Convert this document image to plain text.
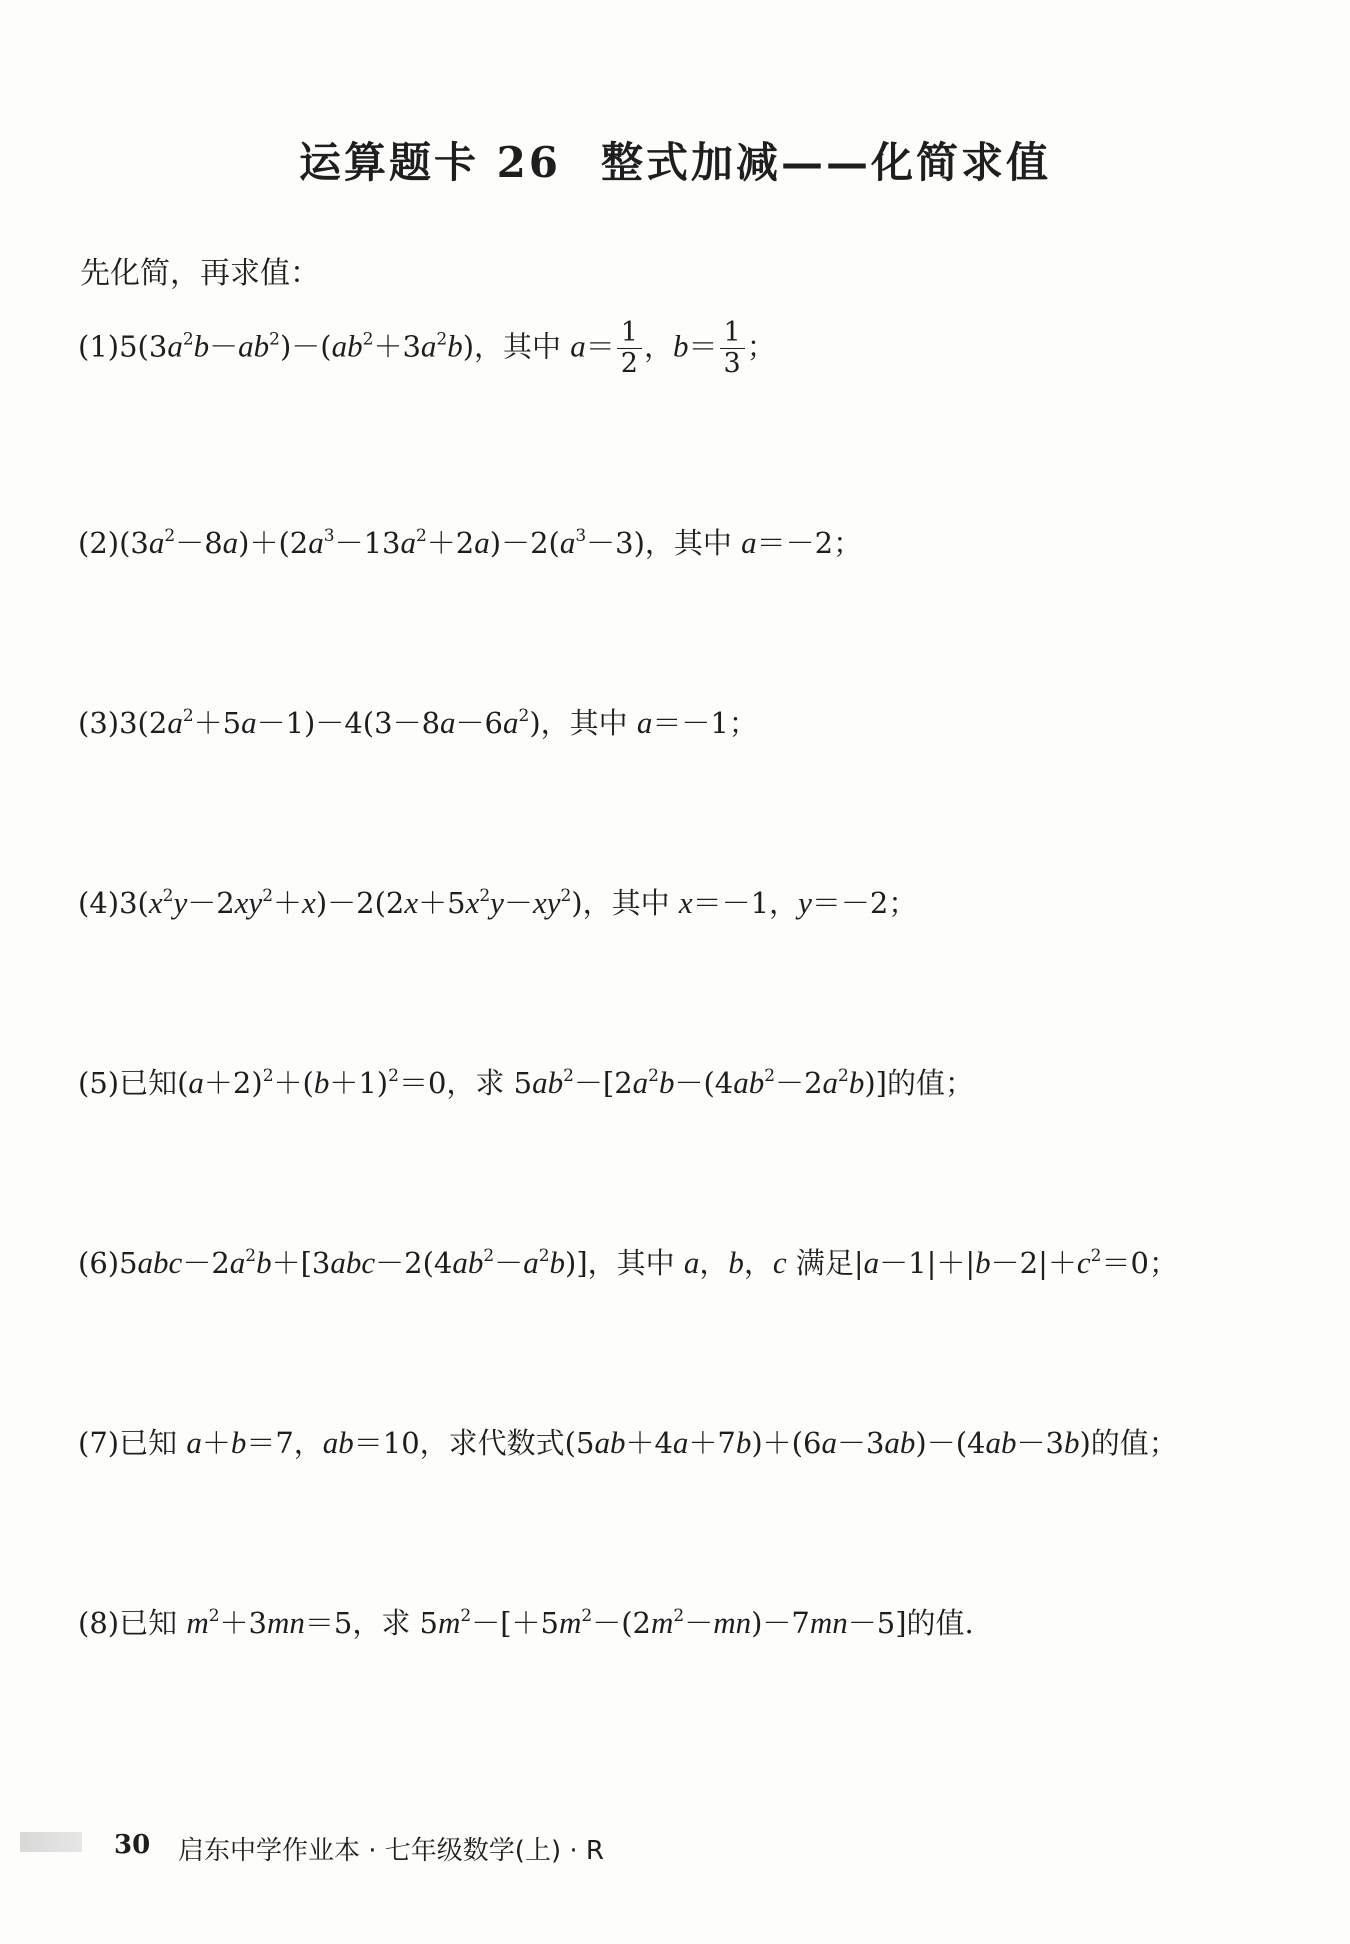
运算题卡 26 整式加减——化简求值
先化简，再求值：
$(1)5(3a^2b-ab^2)-(ab^2+3a^2b)$，其中 $a= \frac{1}{2}$ ，$b= \frac{1}{3}$ ；
$(2)(3a^2-8a)+(2a^3-13a^2+2a)-2(a^3-3)$，其中 a＝－2；
$(3)3(2a^2+5a-1)-4(3-8a-6a^2)$，其中 a＝－1；
$(4)3(x^2y-2xy^2+x)-2(2x+5x^2y-xy^2)$，其中 x＝－1，y＝－2；
(5)已知$(a+2)^2+(b+1)^2=0$，求 $5ab^2-[2a^2b-(4ab^2-2a^2b)]$的值；
$(6)5abc-2a^2b+[3abc-2(4ab^2-a^2b)]$，其中 a，b，c 满足$|a-1|+|b-2|+c^2=0$；
(7)已知 a＋b＝7，ab＝10，求代数式(5ab＋4a＋7b)＋(6a－3ab)－(4ab－3b)的值；
(8)已知 $m^2+3mn=5$，求 $5m^2-[+5m^2-(2m^2-mn)-7mn-5]$的值.
30 启东中学作业本 · 七年级数学(上) · R
